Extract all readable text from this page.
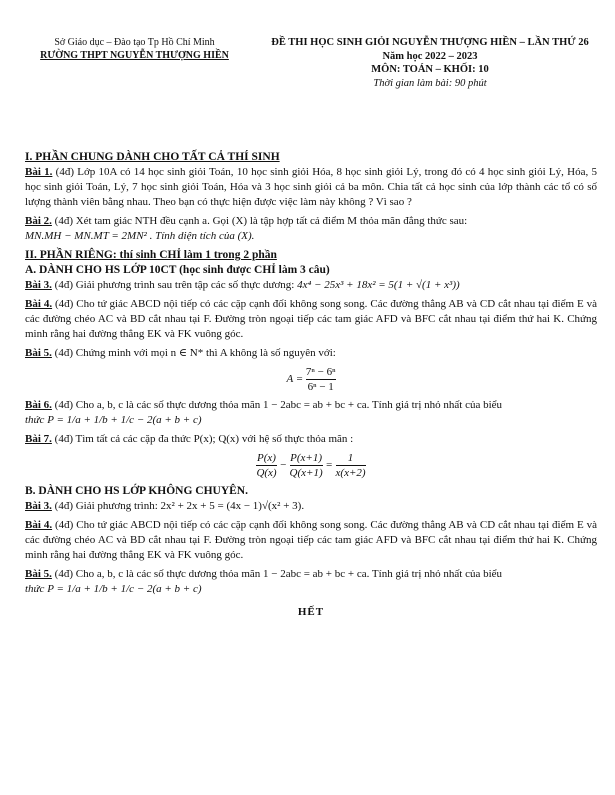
Sở Giáo dục – Đào tạo Tp Hồ Chí Minh
RƯỜNG THPT NGUYỄN THƯỢNG HIỀN
ĐỀ THI HỌC SINH GIỎI NGUYỄN THƯỢNG HIỀN – LẦN THỨ 26
Năm học 2022 – 2023
MÔN: TOÁN – KHỐI: 10
Thời gian làm bài: 90 phút
I. PHẦN CHUNG DÀNH CHO TẤT CẢ THÍ SINH

Bài 1. (4đ) Lớp 10A có 14 học sinh giỏi Toán, 10 học sinh giỏi Hóa, 8 học sinh giỏi Lý, trong đó có 4 học sinh giỏi Lý, Hóa, 5 học sinh giỏi Toán, Lý, 7 học sinh giỏi Toán, Hóa và 3 học sinh giỏi cả ba môn. Chia tất cả học sinh của lớp thành các tổ có số lượng thành viên bằng nhau. Theo bạn có thực hiện được việc làm này không ? Vì sao ?

Bài 2. (4đ) Xét tam giác NTH đều cạnh a. Gọi (X) là tập hợp tất cả điểm M thỏa mãn đẳng thức sau:
MN.MH − MN.MT = 2MN² . Tính diện tích của (X).

II. PHẦN RIÊNG: thí sinh CHỈ làm 1 trong 2 phần
A. DÀNH CHO HS LỚP 10CT (học sinh được CHỈ làm 3 câu)

Bài 3. (4đ) Giải phương trình sau trên tập các số thực dương: 4x⁴ − 25x³ + 18x² = 5(1 + √(1 + x³))

Bài 4. (4đ) Cho tứ giác ABCD nội tiếp có các cặp cạnh đối không song song. Các đường thẳng AB và CD cắt nhau tại điểm E và các đường chéo AC và BD cắt nhau tại F. Đường tròn ngoại tiếp các tam giác AFD và BFC cắt nhau tại điểm thứ hai K. Chứng minh rằng hai đường thẳng EK và FK vuông góc.

Bài 5. (4đ) Chứng minh với mọi n ∈ N* thì A không là số nguyên với:

$A = \frac{\text{7ⁿ − 6ⁿ}}{\text{6ⁿ − 1}}$

Bài 6. (4đ) Cho a, b, c là các số thực dương thỏa mãn 1 − 2abc = ab + bc + ca. Tính giá trị nhỏ nhất của biểu
thức P = 1/a + 1/b + 1/c − 2(a + b + c)

Bài 7. (4đ) Tìm tất cả các cặp đa thức P(x); Q(x) với hệ số thực thỏa mãn :

$\frac{P(x)}{Q(x)} - \frac{P(x+1)}{Q(x+1)} = \frac{1}{x(x+2)}$
B. DÀNH CHO HS LỚP KHÔNG CHUYÊN.

Bài 3. (4đ) Giải phương trình: 2x² + 2x + 5 = (4x − 1)√(x² + 3).

Bài 4. (4đ) Cho tứ giác ABCD nội tiếp có các cặp cạnh đối không song song. Các đường thẳng AB và CD cắt nhau tại điểm E và các đường chéo AC và BD cắt nhau tại F. Đường tròn ngoại tiếp các tam giác AFD và BFC cắt nhau tại điểm thứ hai K. Chứng minh rằng hai đường thẳng EK và FK vuông góc.

Bài 5. (4đ) Cho a, b, c là các số thực dương thỏa mãn 1 − 2abc = ab + bc + ca. Tính giá trị nhỏ nhất của biểu
thức P = 1/a + 1/b + 1/c − 2(a + b + c)

HẾT
